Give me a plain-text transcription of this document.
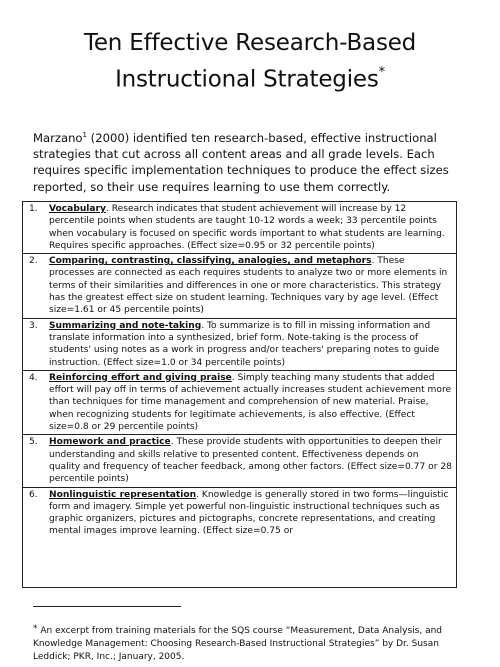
Ten Effective Research-Based
Instructional Strategies*

Marzano$^1$ (2000) identified ten research-based, effective instructional strategies that cut across all content areas and all grade levels. Each requires specific implementation techniques to produce the effect sizes reported, so their use requires learning to use them correctly.

1.	Vocabulary. Research indicates that student achievement will increase by 12 percentile points when students are taught 10-12 words a week; 33 percentile points when vocabulary is focused on specific words important to what students are learning. Requires specific approaches. (Effect size=0.95 or 32 percentile points)
2.	Comparing, contrasting, classifying, analogies, and metaphors. These processes are connected as each requires students to analyze two or more elements in terms of their similarities and differences in one or more characteristics. This strategy has the greatest effect size on student learning. Techniques vary by age level. (Effect size=1.61 or 45 percentile points)
3.	Summarizing and note-taking. To summarize is to fill in missing information and translate information into a synthesized, brief form. Note-taking is the process of students' using notes as a work in progress and/or teachers' preparing notes to guide instruction. (Effect size=1.0 or 34 percentile points)
4.	Reinforcing effort and giving praise. Simply teaching many students that added effort will pay off in terms of achievement actually increases student achievement more than techniques for time management and comprehension of new material. Praise, when recognizing students for legitimate achievements, is also effective. (Effect size=0.8 or 29 percentile points)
5.	Homework and practice. These provide students with opportunities to deepen their understanding and skills relative to presented content. Effectiveness depends on quality and frequency of teacher feedback, among other factors. (Effect size=0.77 or 28 percentile points)
6.	Nonlinguistic representation. Knowledge is generally stored in two forms—linguistic form and imagery. Simple yet powerful non-linguistic instructional techniques such as graphic organizers, pictures and pictographs, concrete representations, and creating mental images improve learning. (Effect size=0.75 or

* An excerpt from training materials for the SQS course “Measurement, Data Analysis, and Knowledge Management: Choosing Research-Based Instructional Strategies” by Dr. Susan Leddick; PKR, Inc.; January, 2005.
